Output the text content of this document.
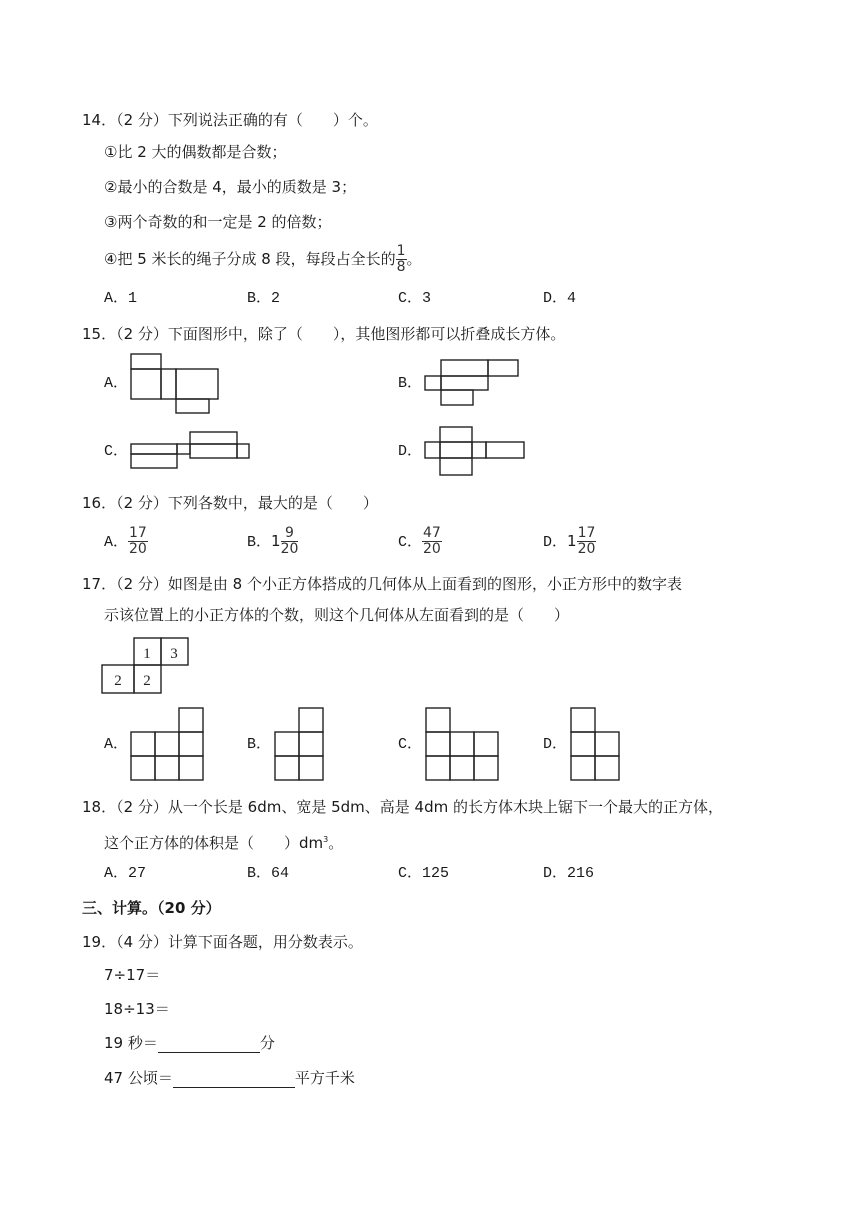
14．（2 分）下列说法正确的有（　　）个。
①比 2 大的偶数都是合数；
②最小的合数是 4，最小的质数是 3；
③两个奇数的和一定是 2 的倍数；
④把 5 米长的绳子分成 8 段，每段占全长的 $\frac{1}{8}$ 。
A．1	B．2	C．3	D．4
15．（2 分）下面图形中，除了（　　），其他图形都可以折叠成长方体。
A．	B．
C．	D．
16．（2 分）下列各数中，最大的是（　　）
A． $\frac{17}{20}$	B．$1 \frac{9}{20}$	C． $\frac{47}{20}$	D．$1 \frac{17}{20}$
17．（2 分）如图是由 8 个小正方体搭成的几何体从上面看到的图形，小正方形中的数字表
示该位置上的小正方体的个数，则这个几何体从左面看到的是（　　）
1 3
2 2
A．	B．	C．	D．
18．（2 分）从一个长是 6dm、宽是 5dm、高是 4dm 的长方体木块上锯下一个最大的正方体，
这个正方体的体积是（　　）$dm^3$。
A．27	B．64	C．125	D．216
三、计算。（20 分）
19．（4 分）计算下面各题，用分数表示。
7÷17＝
18÷13＝
19 秒＝	分
47 公顷＝	平方千米
